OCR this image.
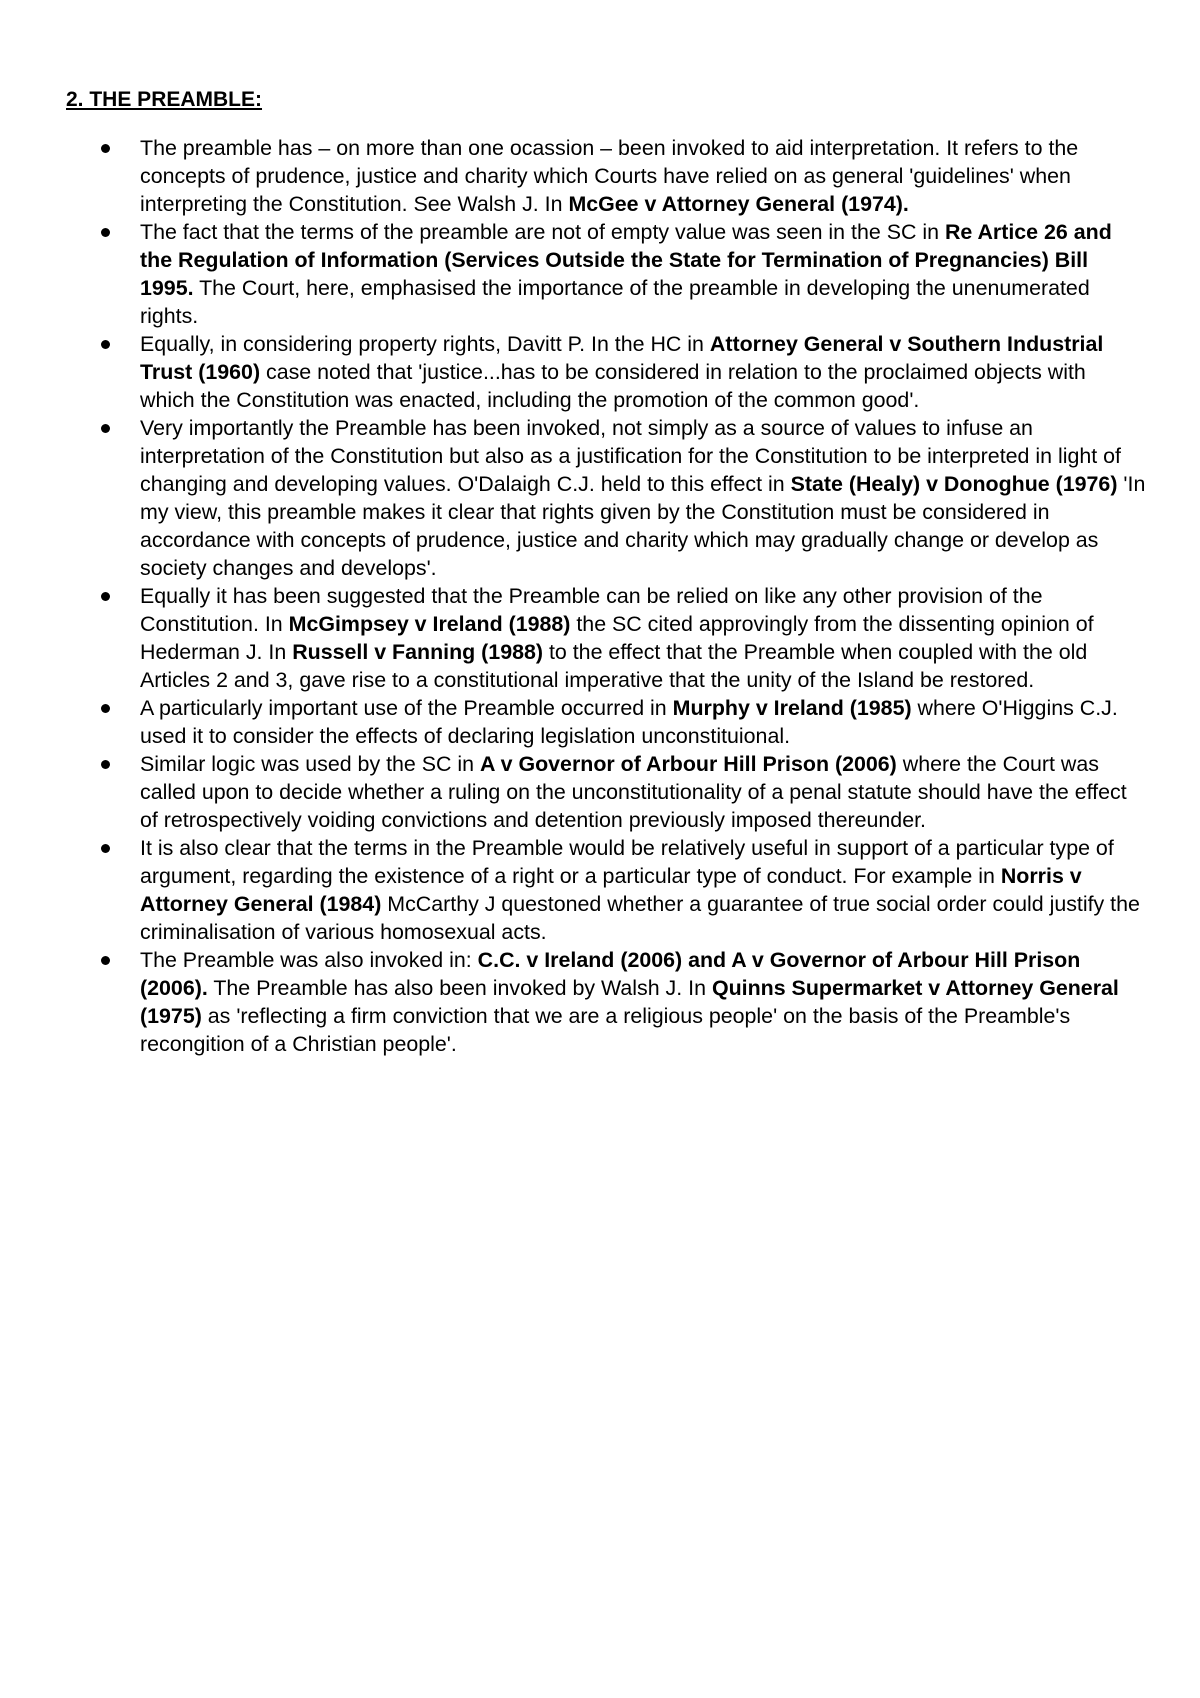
2. THE PREAMBLE:
The preamble has – on more than one ocassion – been invoked to aid interpretation. It refers to the concepts of prudence, justice and charity which Courts have relied on as general 'guidelines' when interpreting the Constitution. See Walsh J. In McGee v Attorney General (1974).
The fact that the terms of the preamble are not of empty value was seen in the SC in Re Artice 26 and the Regulation of Information (Services Outside the State for Termination of Pregnancies) Bill 1995. The Court, here, emphasised the importance of the preamble in developing the unenumerated rights.
Equally, in considering property rights, Davitt P. In the HC in Attorney General v Southern Industrial Trust (1960) case noted that 'justice...has to be considered in relation to the proclaimed objects with which the Constitution was enacted, including the promotion of the common good'.
Very importantly the Preamble has been invoked, not simply as a source of values to infuse an interpretation of the Constitution but also as a justification for the Constitution to be interpreted in light of changing and developing values. O'Dalaigh C.J. held to this effect in State (Healy) v Donoghue (1976) 'In my view, this preamble makes it clear that rights given by the Constitution must be considered in accordance with concepts of prudence, justice and charity which may gradually change or develop as society changes and develops'.
Equally it has been suggested that the Preamble can be relied on like any other provision of the Constitution. In McGimpsey v Ireland (1988) the SC cited approvingly from the dissenting opinion of Hederman J. In Russell v Fanning (1988) to the effect that the Preamble when coupled with the old Articles 2 and 3, gave rise to a constitutional imperative that the unity of the Island be restored.
A particularly important use of the Preamble occurred in Murphy v Ireland (1985) where O'Higgins C.J. used it to consider the effects of declaring legislation unconstituional.
Similar logic was used by the SC in A v Governor of Arbour Hill Prison (2006) where the Court was called upon to decide whether a ruling on the unconstitutionality of a penal statute should have the effect of retrospectively voiding convictions and detention previously imposed thereunder.
It is also clear that the terms in the Preamble would be relatively useful in support of a particular type of argument, regarding the existence of a right or a particular type of conduct. For example in Norris v Attorney General (1984) McCarthy J questoned whether a guarantee of true social order could justify the criminalisation of various homosexual acts.
The Preamble was also invoked in: C.C. v Ireland (2006) and A v Governor of Arbour Hill Prison (2006). The Preamble has also been invoked by Walsh J. In Quinns Supermarket v Attorney General (1975) as 'reflecting a firm conviction that we are a religious people' on the basis of the Preamble's recongition of a Christian people'.
